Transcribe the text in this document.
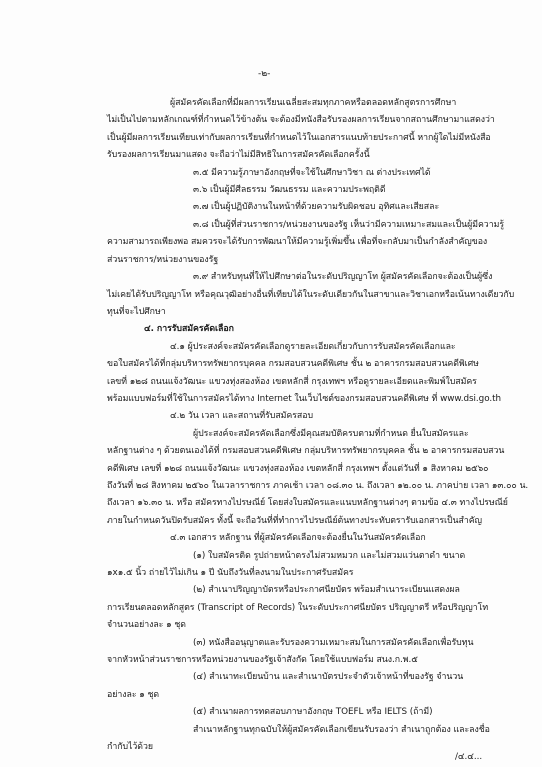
-๒-
ผู้สมัครคัดเลือกที่มีผลการเรียนเฉลี่ยสะสมทุกภาคหรือตลอดหลักสูตรการศึกษา
ไม่เป็นไปตามหลักเกณฑ์ที่กำหนดไว้ข้างต้น จะต้องมีหนังสือรับรองผลการเรียนจากสถานศึกษามาแสดงว่า
เป็นผู้มีผลการเรียนเทียบเท่ากับผลการเรียนที่กำหนดไว้ในเอกสารแนบท้ายประกาศนี้ หากผู้ใดไม่มีหนังสือ
รับรองผลการเรียนมาแสดง จะถือว่าไม่มีสิทธิในการสมัครคัดเลือกครั้งนี้
๓.๕ มีความรู้ภาษาอังกฤษที่จะใช้ในศึกษาวิชา ณ ต่างประเทศได้
๓.๖ เป็นผู้มีศีลธรรม วัฒนธรรม และความประพฤติดี
๓.๗ เป็นผู้ปฏิบัติงานในหน้าที่ด้วยความรับผิดชอบ อุทิศและเสียสละ
๓.๘ เป็นผู้ที่ส่วนราชการ/หน่วยงานของรัฐ เห็นว่ามีความเหมาะสมและเป็นผู้มีความรู้
ความสามารถเพียงพอ สมควรจะได้รับการพัฒนาให้มีความรู้เพิ่มขึ้น เพื่อที่จะกลับมาเป็นกำลังสำคัญของ
ส่วนราชการ/หน่วยงานของรัฐ
๓.๙ สำหรับทุนที่ให้ไปศึกษาต่อในระดับปริญญาโท ผู้สมัครคัดเลือกจะต้องเป็นผู้ซึ่ง
ไม่เคยได้รับปริญญาโท หรือคุณวุฒิอย่างอื่นที่เทียบได้ในระดับเดียวกันในสาขาและวิชาเอกหรือเน้นทางเดียวกับ
ทุนที่จะไปศึกษา
๔. การรับสมัครคัดเลือก
๔.๑ ผู้ประสงค์จะสมัครคัดเลือกดูรายละเอียดเกี่ยวกับการรับสมัครคัดเลือกและ
ขอใบสมัครได้ที่กลุ่มบริหารทรัพยากรบุคคล กรมสอบสวนคดีพิเศษ ชั้น ๒ อาคารกรมสอบสวนคดีพิเศษ
เลขที่ ๑๒๘ ถนนแจ้งวัฒนะ แขวงทุ่งสองห้อง เขตหลักสี่ กรุงเทพฯ หรือดูรายละเอียดและพิมพ์ใบสมัคร
พร้อมแบบฟอร์มที่ใช้ในการสมัครได้ทาง Internet ในเว็บไซต์ของกรมสอบสวนคดีพิเศษ ที่ www.dsi.go.th
๔.๒ วัน เวลา และสถานที่รับสมัครสอบ
ผู้ประสงค์จะสมัครคัดเลือกซึ่งมีคุณสมบัติครบตามที่กำหนด ยื่นใบสมัครและ
หลักฐานต่าง ๆ ด้วยตนเองได้ที่ กรมสอบสวนคดีพิเศษ กลุ่มบริหารทรัพยากรบุคคล ชั้น ๒ อาคารกรมสอบสวน
คดีพิเศษ เลขที่ ๑๒๘ ถนนแจ้งวัฒนะ แขวงทุ่งสองห้อง เขตหลักสี่ กรุงเทพฯ ตั้งแต่วันที่ ๑ สิงหาคม ๒๕๖๐
ถึงวันที่ ๒๘ สิงหาคม ๒๕๖๐ ในเวลาราชการ ภาคเช้า เวลา ๐๘.๓๐ น. ถึงเวลา ๑๒.๐๐ น. ภาคบ่าย เวลา ๑๓.๐๐ น.
ถึงเวลา ๑๖.๓๐ น. หรือ สมัครทางไปรษณีย์ โดยส่งใบสมัครและแนบหลักฐานต่างๆ ตามข้อ ๔.๓ ทางไปรษณีย์
ภายในกำหนดวันปิดรับสมัคร ทั้งนี้ จะถือวันที่ที่ทำการไปรษณีย์ต้นทางประทับตรารับเอกสารเป็นสำคัญ
๔.๓ เอกสาร หลักฐาน ที่ผู้สมัครคัดเลือกจะต้องยื่นในวันสมัครคัดเลือก
(๑) ใบสมัครติด รูปถ่ายหน้าตรงไม่สวมหมวก และไม่สวมแว่นตาดำ ขนาด
๑x๑.๕ นิ้ว ถ่ายไว้ไม่เกิน ๑ ปี นับถึงวันที่ลงนามในประกาศรับสมัคร
(๒) สำเนาปริญญาบัตรหรือประกาศนียบัตร พร้อมสำเนาระเบียนแสดงผล
การเรียนตลอดหลักสูตร (Transcript of Records) ในระดับประกาศนียบัตร ปริญญาตรี หรือปริญญาโท
จำนวนอย่างละ ๑ ชุด
(๓) หนังสืออนุญาตและรับรองความเหมาะสมในการสมัครคัดเลือกเพื่อรับทุน
จากหัวหน้าส่วนราชการหรือหน่วยงานของรัฐเจ้าสังกัด โดยใช้แบบฟอร์ม สนง.ก.พ.๕
(๔) สำเนาทะเบียนบ้าน และสำเนาบัตรประจำตัวเจ้าหน้าที่ของรัฐ จำนวน
อย่างละ ๑ ชุด
(๕) สำเนาผลการทดสอบภาษาอังกฤษ TOEFL หรือ IELTS (ถ้ามี)
สำเนาหลักฐานทุกฉบับให้ผู้สมัครคัดเลือกเขียนรับรองว่า สำเนาถูกต้อง และลงชื่อ
กำกับไว้ด้วย
/๔.๔...
